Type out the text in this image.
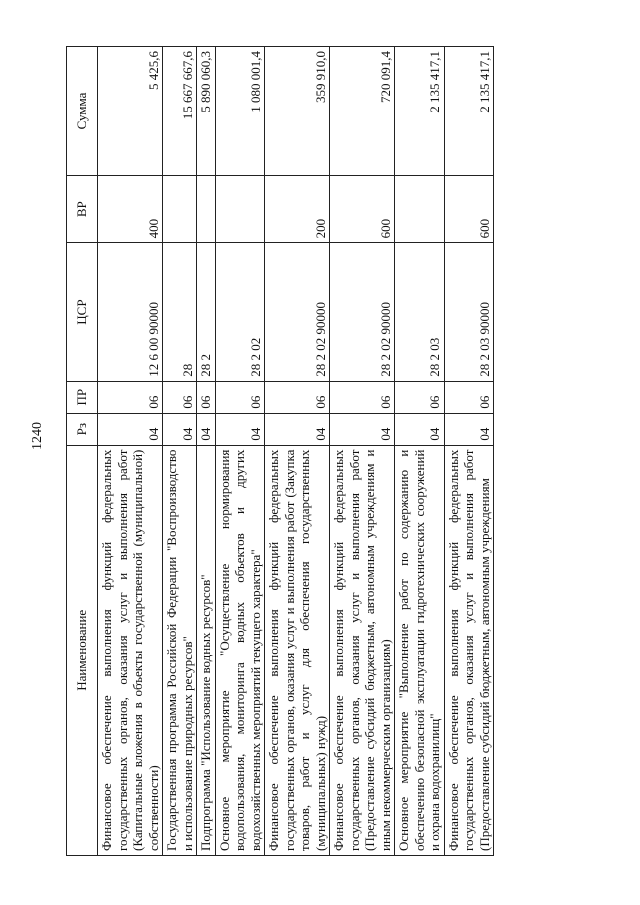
1240
Наименование	Рз	ПР	ЦСР	ВР	Сумма
Финансовое обеспечение выполнения функций федеральных государственных органов, оказания услуг и выполнения работ (Капитальные вложения в объекты государственной (муниципальной) собственности)	04	06	12 6 00 90000	400	5 425,6
Государственная программа Российской Федерации "Воспроизводство и использование природных ресурсов"	04	06	28		15 667 667,6
Подпрограмма "Использование водных ресурсов"	04	06	28 2		5 890 060,3
Основное мероприятие "Осуществление нормирования водопользования, мониторинга водных объектов и других водохозяйственных мероприятий текущего характера"	04	06	28 2 02		1 080 001,4
Финансовое обеспечение выполнения функций федеральных государственных органов, оказания услуг и выполнения работ (Закупка товаров, работ и услуг для обеспечения государственных (муниципальных) нужд)	04	06	28 2 02 90000	200	359 910,0
Финансовое обеспечение выполнения функций федеральных государственных органов, оказания услуг и выполнения работ (Предоставление субсидий бюджетным, автономным учреждениям и иным некоммерческим организациям)	04	06	28 2 02 90000	600	720 091,4
Основное мероприятие "Выполнение работ по содержанию и обеспечению безопасной эксплуатации гидротехнических сооружений и охрана водохранилищ"	04	06	28 2 03		2 135 417,1
Финансовое обеспечение выполнения функций федеральных государственных органов, оказания услуг и выполнения работ (Предоставление субсидий бюджетным, автономным учреждениям	04	06	28 2 03 90000	600	2 135 417,1
